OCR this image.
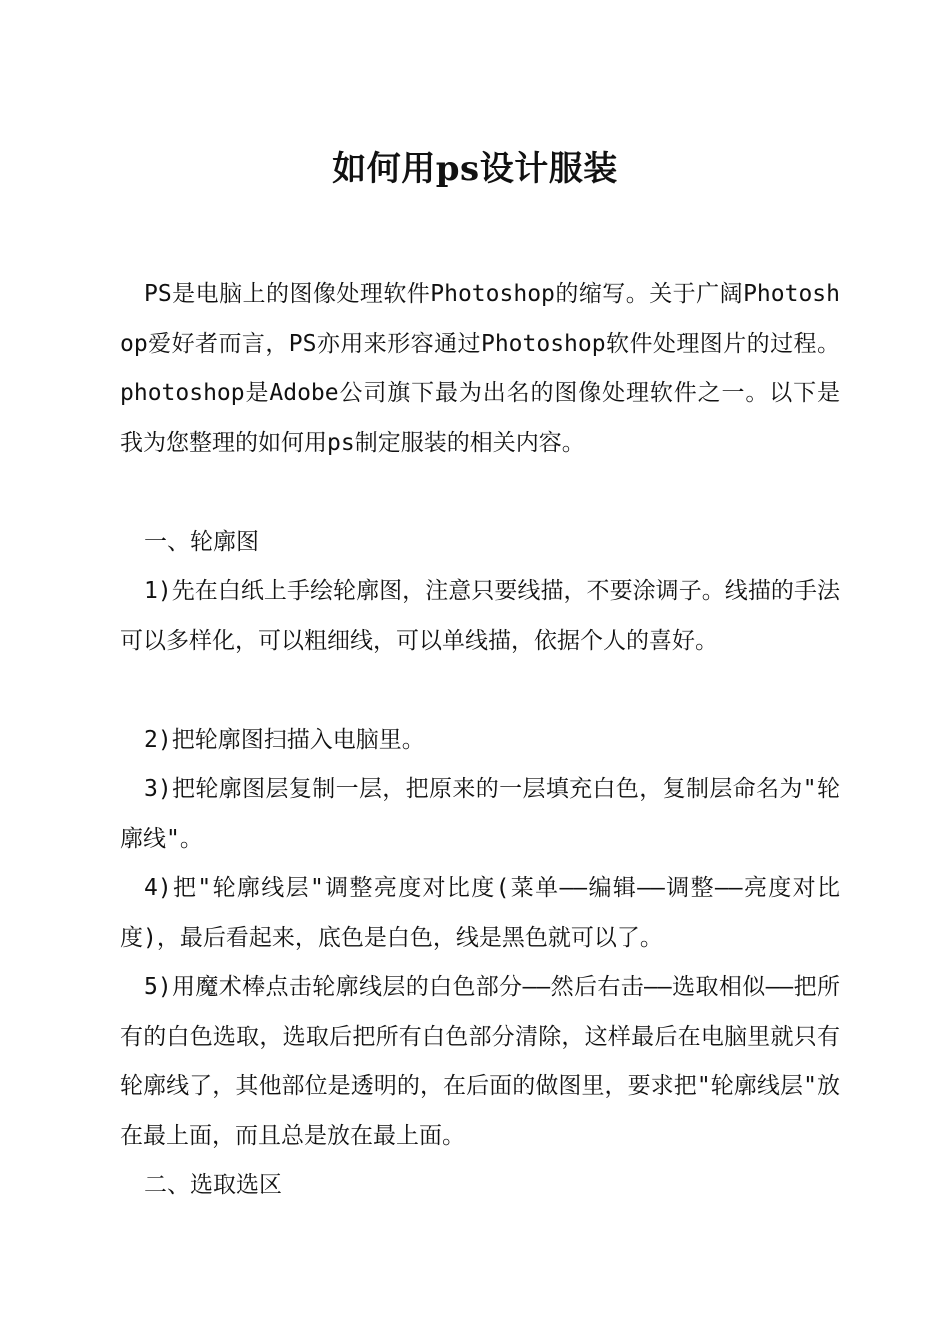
如何用ps设计服装

PS是电脑上的图像处理软件Photoshop的缩写。关于广阔Photoshop爱好者而言，PS亦用来形容通过Photoshop软件处理图片的过程。photoshop是Adobe公司旗下最为出名的图像处理软件之一。以下是我为您整理的如何用ps制定服装的相关内容。

一、轮廓图

1)先在白纸上手绘轮廓图，注意只要线描，不要涂调子。线描的手法可以多样化，可以粗细线，可以单线描，依据个人的喜好。

2)把轮廓图扫描入电脑里。

3)把轮廓图层复制一层，把原来的一层填充白色，复制层命名为"轮廓线"。

4)把"轮廓线层"调整亮度对比度(菜单——编辑——调整——亮度对比度)，最后看起来，底色是白色，线是黑色就可以了。

5)用魔术棒点击轮廓线层的白色部分——然后右击——选取相似——把所有的白色选取，选取后把所有白色部分清除，这样最后在电脑里就只有轮廓线了，其他部位是透明的，在后面的做图里，要求把"轮廓线层"放在最上面，而且总是放在最上面。

二、选取选区
